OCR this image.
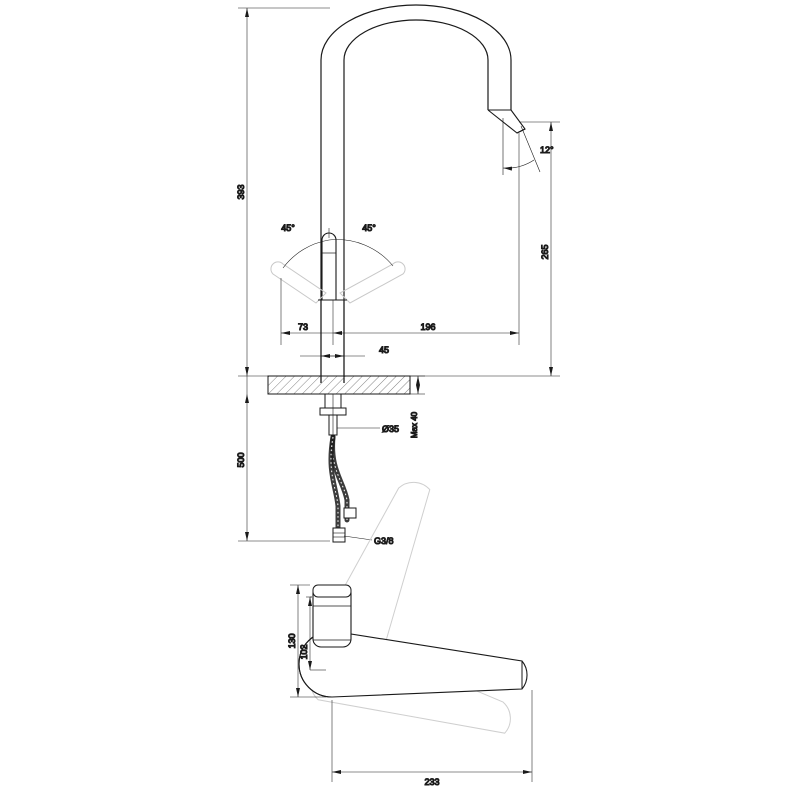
393
265
500
196
73
45
Ø35 Max 40
12°
45°	45°
G3/8
130
102
233
